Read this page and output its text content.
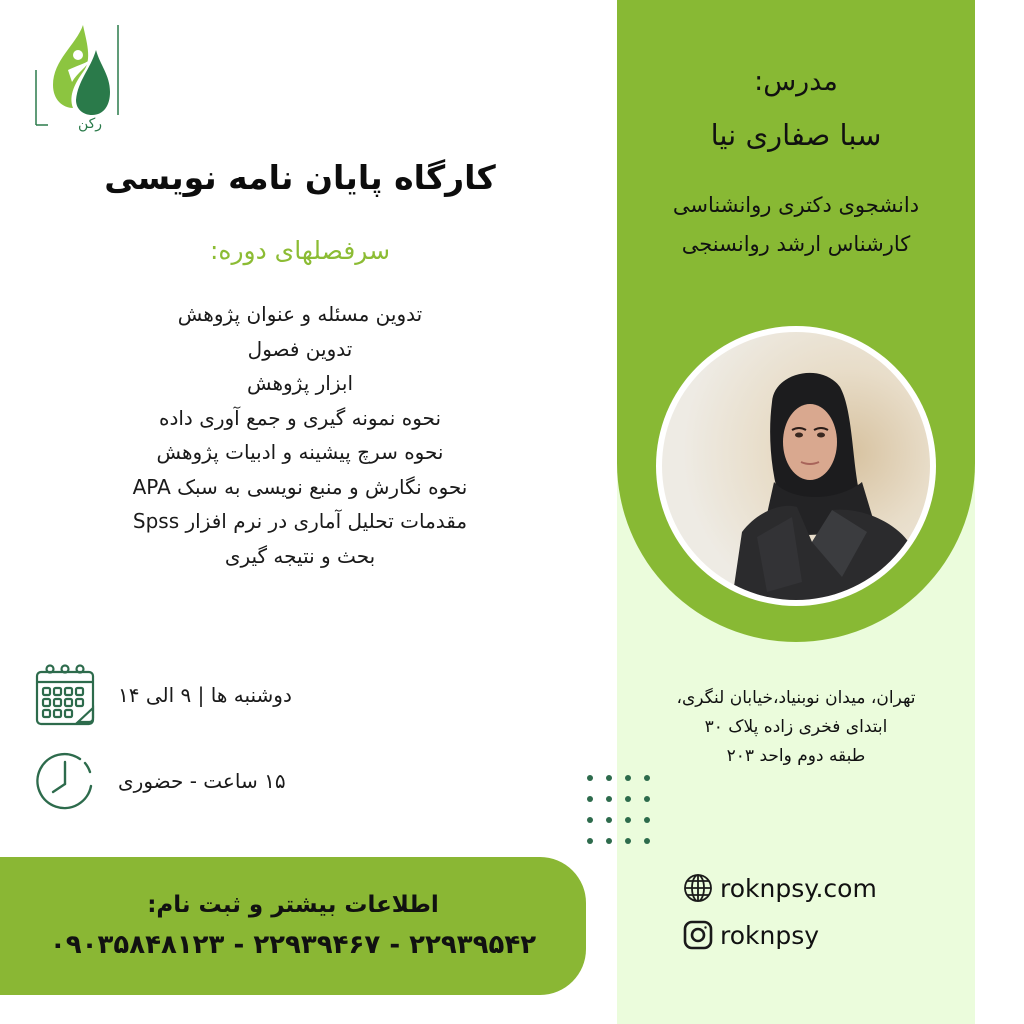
رکن
کارگاه پایان نامه نویسی
سرفصلهای دوره:
تدوین مسئله و عنوان پژوهش
تدوین فصول
ابزار پژوهش
نحوه نمونه گیری و جمع آوری داده
نحوه سرچ پیشینه و ادبیات پژوهش
نحوه نگارش و منبع نویسی به سبک APA
مقدمات تحلیل آماری در نرم افزار Spss
بحث و نتیجه گیری
دوشنبه ها | ۹ الی ۱۴
۱۵ ساعت - حضوری
اطلاعات بیشتر و ثبت نام:
۰۹۰۳۵۸۴۸۱۲۳ - ۲۲۹۳۹۴۶۷ - ۲۲۹۳۹۵۴۲
مدرس:
سبا صفاری نیا
دانشجوی دکتری روانشناسی
کارشناس ارشد روانسنجی
تهران، میدان نوبنیاد،خیابان لنگری،
ابتدای فخری زاده پلاک ۳۰
طبقه دوم واحد ۲۰۳
roknpsy.com
roknpsy
